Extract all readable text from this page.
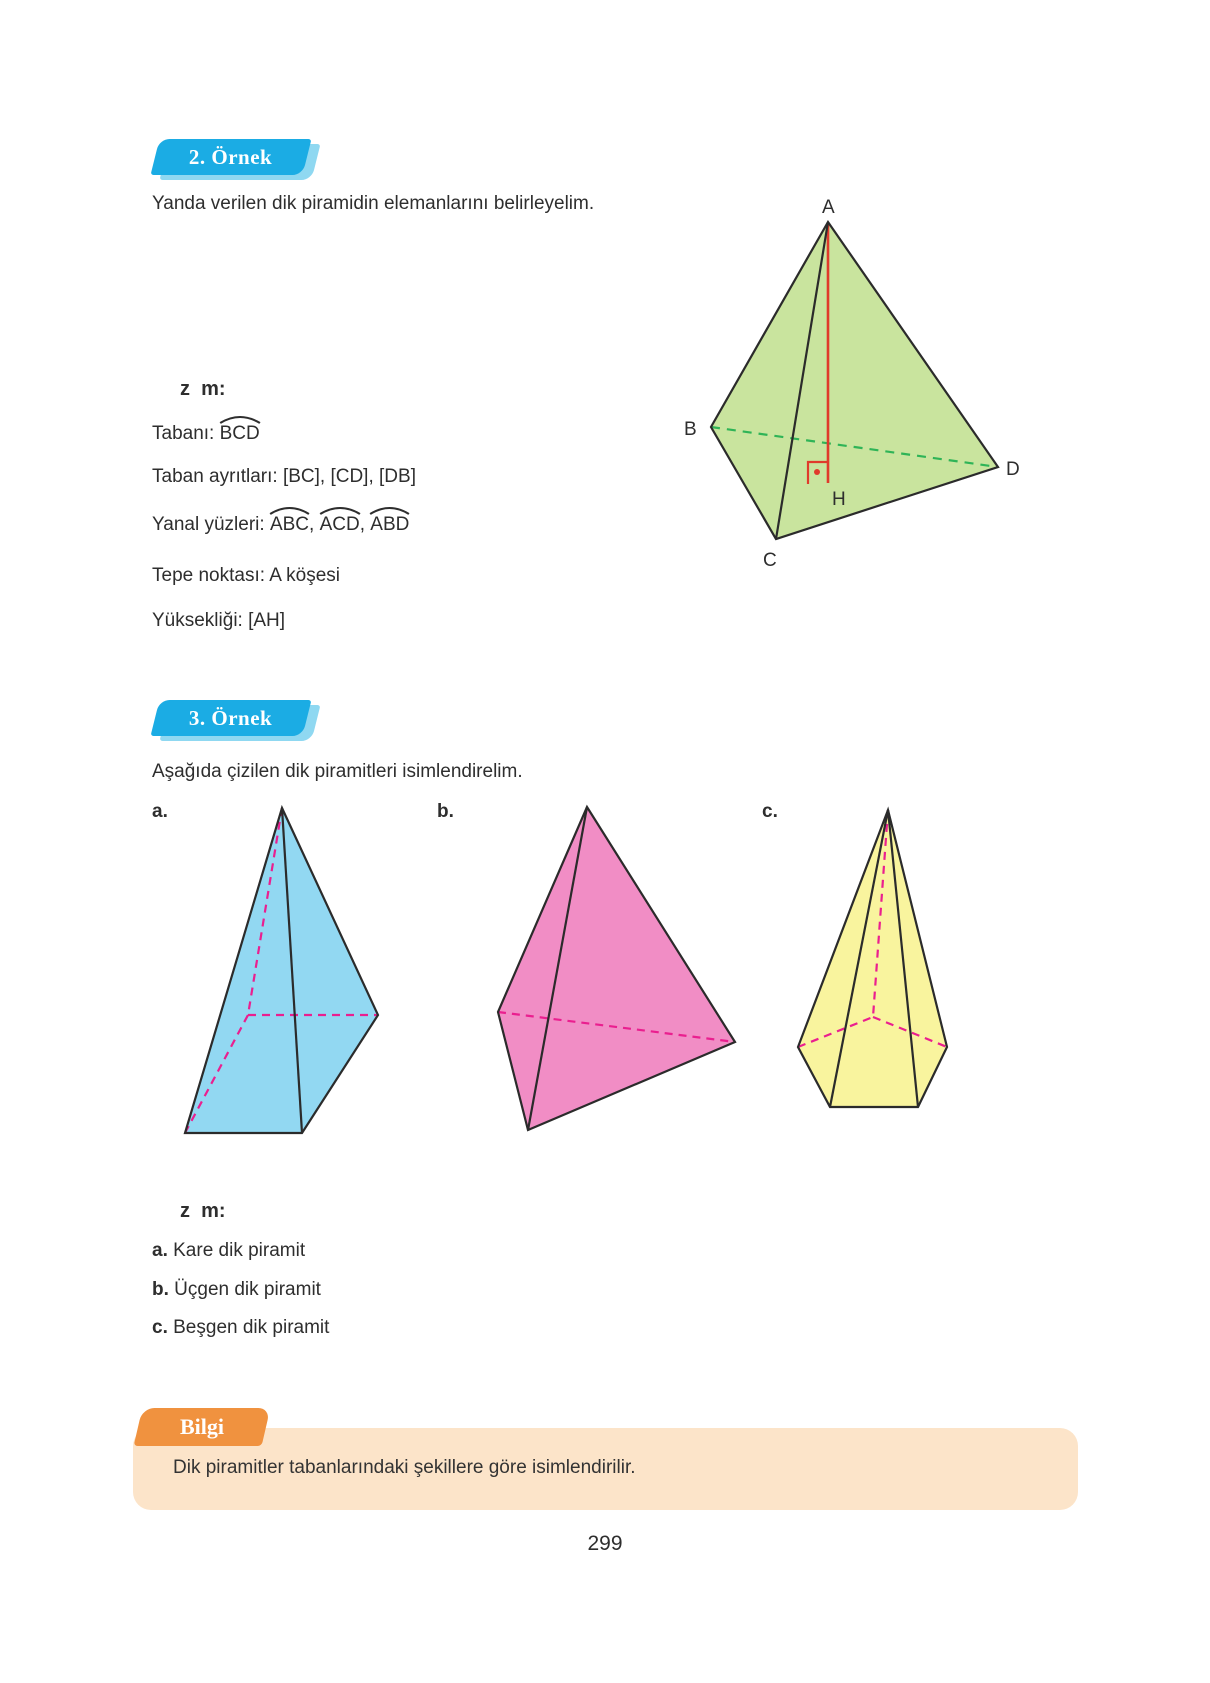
2. Örnek
Yanda verilen dik piramidin elemanlarını belirleyelim.	A
B
C
D
H
z  m:
Tabanı:
BCD
Taban ayrıtları: [BC], [CD], [DB]
Yanal yüzleri:
ABC,
ACD,
ABD
Tepe noktası: A köşesi
Yüksekliği: [AH]
3. Örnek
Aşağıda çizilen dik piramitleri isimlendirelim.
a.	b.	c.
z  m:
a. Kare dik piramit
b. Üçgen dik piramit
c. Beşgen dik piramit
Bilgi
Dik piramitler tabanlarındaki şekillere göre isimlendirilir.
299
